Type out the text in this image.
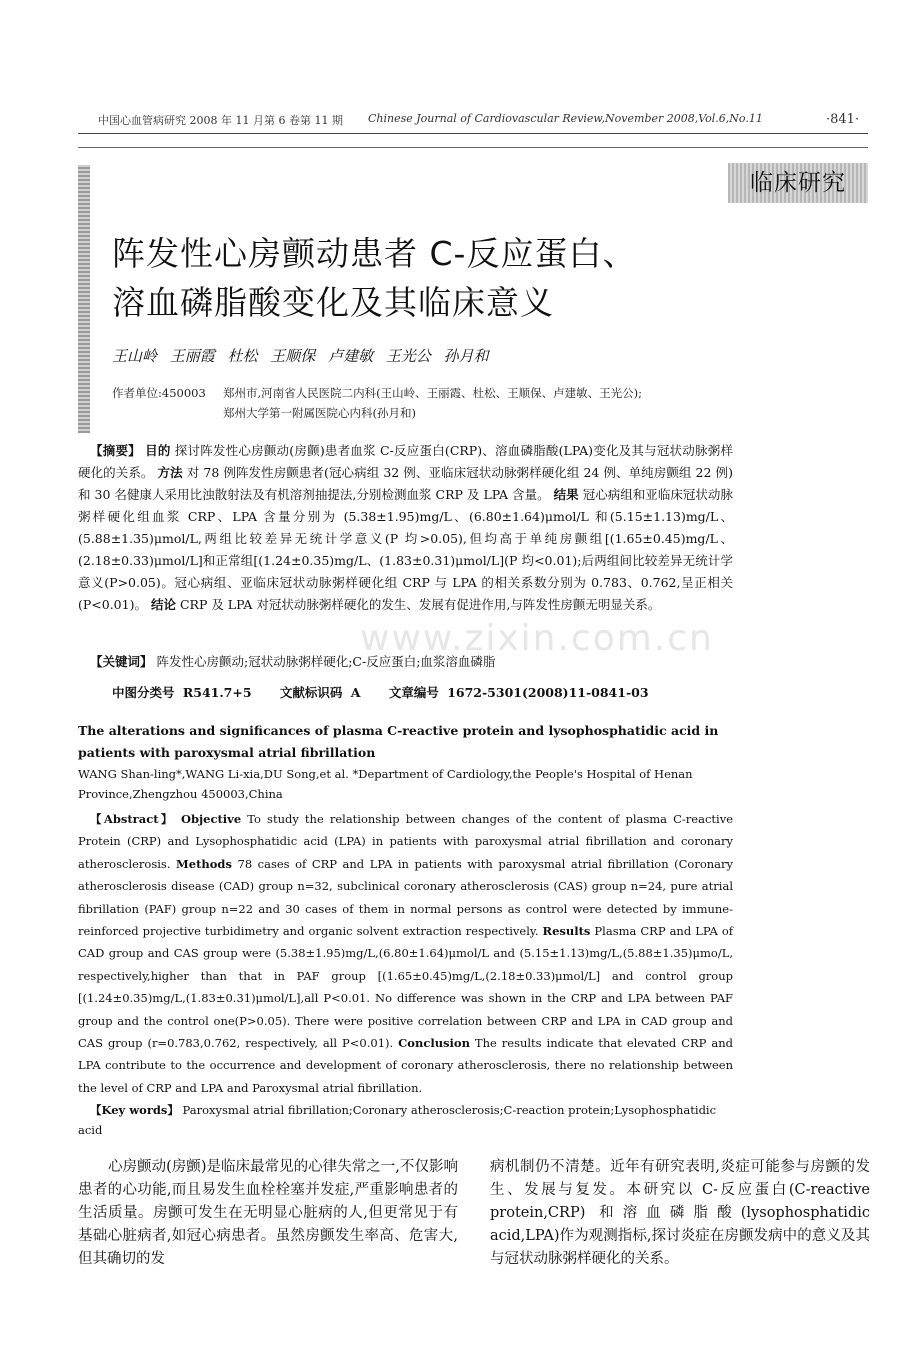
中国心血管病研究 2008 年 11 月第 6 卷第 11 期 Chinese Journal of Cardiovascular Review,November 2008,Vol.6,No.11	·841·
临床研究
阵发性心房颤动患者 C-反应蛋白、
溶血磷脂酸变化及其临床意义
王山岭 王丽霞 杜松 王顺保 卢建敏 王光公 孙月和
作者单位:450003 郑州市,河南省人民医院二内科(王山岭、王丽霞、杜松、王顺保、卢建敏、王光公);
郑州大学第一附属医院心内科(孙月和)

【摘要】 目的 探讨阵发性心房颤动(房颤)患者血浆 C-反应蛋白(CRP)、溶血磷脂酸(LPA)变化及其与冠状动脉粥样硬化的关系。 方法 对 78 例阵发性房颤患者(冠心病组 32 例、亚临床冠状动脉粥样硬化组 24 例、单纯房颤组 22 例)和 30 名健康人采用比浊散射法及有机溶剂抽提法,分别检测血浆 CRP 及 LPA 含量。 结果 冠心病组和亚临床冠状动脉粥样硬化组血浆 CRP、LPA 含量分别为 (5.38±1.95)mg/L、(6.80±1.64)μmol/L 和(5.15±1.13)mg/L、(5.88±1.35)μmol/L,两组比较差异无统计学意义(P 均>0.05),但均高于单纯房颤组[(1.65±0.45)mg/L、(2.18±0.33)μmol/L]和正常组[(1.24±0.35)mg/L、(1.83±0.31)μmol/L](P 均<0.01);后两组间比较差异无统计学意义(P>0.05)。冠心病组、亚临床冠状动脉粥样硬化组 CRP 与 LPA 的相关系数分别为 0.783、0.762,呈正相关(P<0.01)。 结论 CRP 及 LPA 对冠状动脉粥样硬化的发生、发展有促进作用,与阵发性房颤无明显关系。

www.zixin.com.cn
【关键词】 阵发性心房颤动;冠状动脉粥样硬化;C-反应蛋白;血浆溶血磷脂
中图分类号 R541.7+5 文献标识码 A 文章编号 1672-5301(2008)11-0841-03
The alterations and significances of plasma C-reactive protein and lysophosphatidic acid in patients with paroxysmal atrial fibrillation
WANG Shan-ling*,WANG Li-xia,DU Song,et al. *Department of Cardiology,the People's Hospital of Henan Province,Zhengzhou 450003,China

【Abstract】 Objective To study the relationship between changes of the content of plasma C-reactive Protein (CRP) and Lysophosphatidic acid (LPA) in patients with paroxysmal atrial fibrillation and coronary atherosclerosis. Methods 78 cases of CRP and LPA in patients with paroxysmal atrial fibrillation (Coronary atherosclerosis disease (CAD) group n=32, subclinical coronary atherosclerosis (CAS) group n=24, pure atrial fibrillation (PAF) group n=22 and 30 cases of them in normal persons as control were detected by immune-reinforced projective turbidimetry and organic solvent extraction respectively. Results Plasma CRP and LPA of CAD group and CAS group were (5.38±1.95)mg/L,(6.80±1.64)μmol/L and (5.15±1.13)mg/L,(5.88±1.35)μmo/L, respectively,higher than that in PAF group [(1.65±0.45)mg/L,(2.18±0.33)μmol/L] and control group [(1.24±0.35)mg/L,(1.83±0.31)μmol/L],all P<0.01. No difference was shown in the CRP and LPA between PAF group and the control one(P>0.05). There were positive correlation between CRP and LPA in CAD group and CAS group (r=0.783,0.762, respectively, all P<0.01). Conclusion The results indicate that elevated CRP and LPA contribute to the occurrence and development of coronary atherosclerosis, there no relationship between the level of CRP and LPA and Paroxysmal atrial fibrillation.

【Key words】 Paroxysmal atrial fibrillation;Coronary atherosclerosis;C-reaction protein;Lysophosphatidic acid

心房颤动(房颤)是临床最常见的心律失常之一,不仅影响患者的心功能,而且易发生血栓栓塞并发症,严重影响患者的生活质量。房颤可发生在无明显心脏病的人,但更常见于有基础心脏病者,如冠心病患者。虽然房颤发生率高、危害大,但其确切的发

病机制仍不清楚。近年有研究表明,炎症可能参与房颤的发生、发展与复发。本研究以 C-反应蛋白(C-reactive protein,CRP) 和溶血磷脂酸(lysophosphatidic acid,LPA)作为观测指标,探讨炎症在房颤发病中的意义及其与冠状动脉粥样硬化的关系。
